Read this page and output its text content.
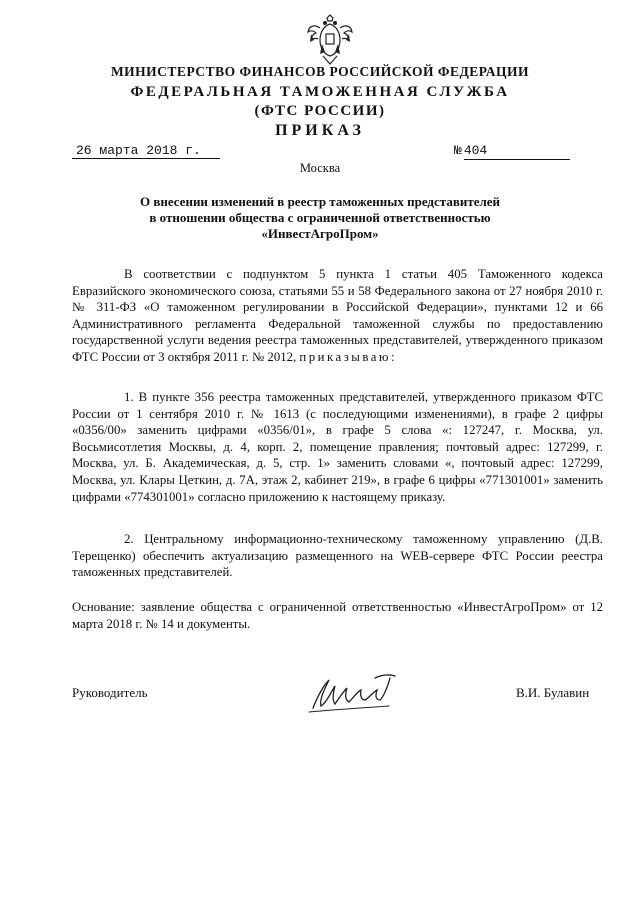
МИНИСТЕРСТВО ФИНАНСОВ РОССИЙСКОЙ ФЕДЕРАЦИИ
ФЕДЕРАЛЬНАЯ ТАМОЖЕННАЯ СЛУЖБА
(ФТС РОССИИ)
ПРИКАЗ
26 марта 2018 г.	№ 404
Москва
О внесении изменений в реестр таможенных представителей
в отношении общества с ограниченной ответственностью
«ИнвестАгроПром»
В соответствии с подпунктом 5 пункта 1 статьи 405 Таможенного кодекса Евразийского экономического союза, статьями 55 и 58 Федерального закона от 27 ноября 2010 г. № 311-ФЗ «О таможенном регулировании в Российской Федерации», пунктами 12 и 66 Административного регламента Федеральной таможенной службы по предоставлению государственной услуги ведения реестра таможенных представителей, утвержденного приказом ФТС России от 3 октября 2011 г. № 2012, приказываю:
1. В пункте 356 реестра таможенных представителей, утвержденного приказом ФТС России от 1 сентября 2010 г. № 1613 (с последующими изменениями), в графе 2 цифры «0356/00» заменить цифрами «0356/01», в графе 5 слова «: 127247, г. Москва, ул. Восьмисотлетия Москвы, д. 4, корп. 2, помещение правления; почтовый адрес: 127299, г. Москва, ул. Б. Академическая, д. 5, стр. 1» заменить словами «, почтовый адрес: 127299, Москва, ул. Клары Цеткин, д. 7А, этаж 2, кабинет 219», в графе 6 цифры «771301001» заменить цифрами «774301001» согласно приложению к настоящему приказу.
2. Центральному информационно-техническому таможенному управлению (Д.В. Терещенко) обеспечить актуализацию размещенного на WEB-сервере ФТС России реестра таможенных представителей.
Основание: заявление общества с ограниченной ответственностью «ИнвестАгроПром» от 12 марта 2018 г. № 14 и документы.
Руководитель	В.И. Булавин
